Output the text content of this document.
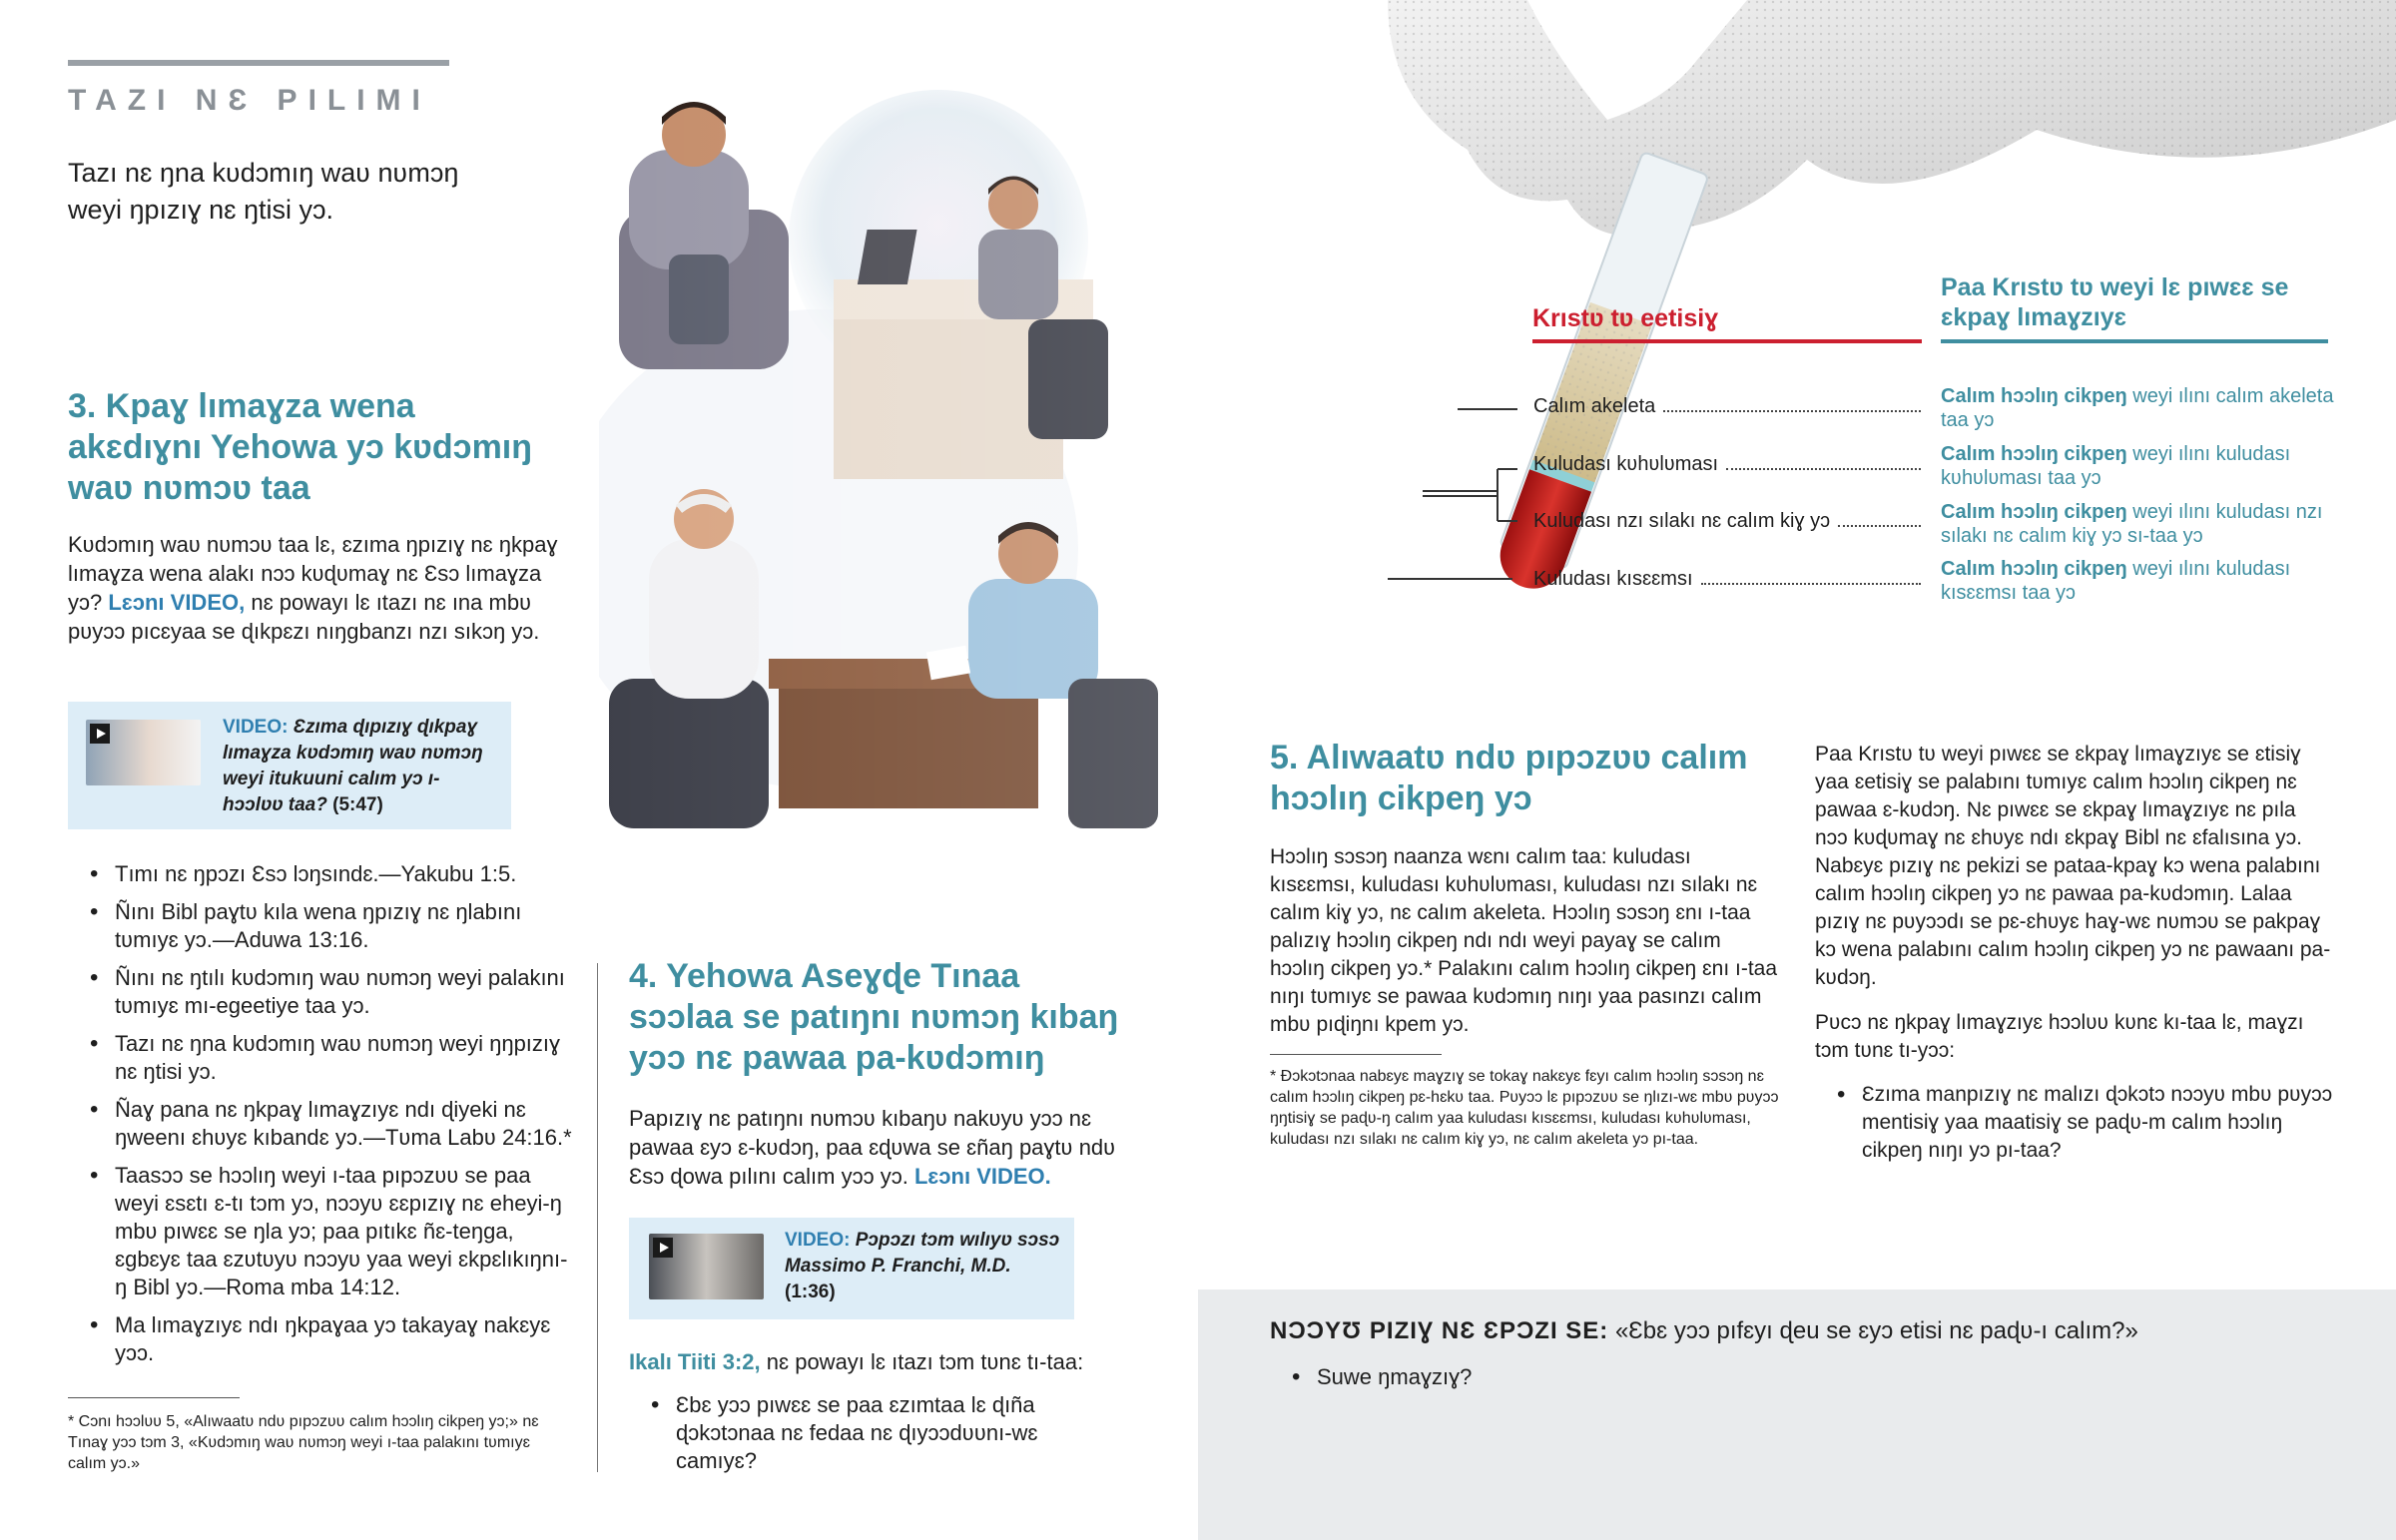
TAZI NƐ PILIMI
Tazı nɛ ŋna kʋdɔmıŋ waʋ nʋmɔŋ weyi ŋpızıɣ nɛ ŋtisi yɔ.
3. Kpaɣ lımaɣza wena akɛdıɣnı Yehowa yɔ kʋdɔmıŋ waʋ nʋmɔʋ taa
Kʋdɔmıŋ waʋ nʋmɔʋ taa lɛ, ɛzıma ŋpızıɣ nɛ ŋkpaɣ lımaɣza wena alakı nɔɔ kʋɖʋmaɣ nɛ Ɛsɔ lımaɣza yɔ? Lɛɔnı VIDEO, nɛ powayı lɛ ıtazı nɛ ına mbʋ pʋyɔɔ pıcɛyaa se ɖıkpɛzı nıŋgbanzı nzı sıkɔŋ yɔ.
VIDEO: Ɛzıma ɖıpızıɣ ɖıkpaɣ lımaɣza kʋdɔmıŋ waʋ nʋmɔŋ weyi itukuuni calım yɔ ı-hɔɔlʋʋ taa? (5:47)
• Tımı nɛ ŋpɔzı Ɛsɔ lɔŋsındɛ.—Yakubu 1:5.
• Ñını Bibl paɣtʋ kıla wena ŋpızıɣ nɛ ŋlabını tʋmıyɛ yɔ.—Aduwa 13:16.
• Ñını nɛ ŋtılı kʋdɔmıŋ waʋ nʋmɔŋ weyi palakını tʋmıyɛ mı-egeetiye taa yɔ.
• Tazı nɛ ŋna kʋdɔmıŋ waʋ nʋmɔŋ weyi ŋŋpızıɣ nɛ ŋtisi yɔ.
• Ñaɣ pana nɛ ŋkpaɣ lımaɣzıyɛ ndı ɖiyeki nɛ ŋweenı ɛhʋyɛ kıbandɛ yɔ.—Tʋma Labʋ 24:16.*
• Taasɔɔ se hɔɔlıŋ weyi ı-taa pıpɔzʋʋ se paa weyi ɛsɛtı ɛ-tı tɔm yɔ, nɔɔyʋ ɛɛpızıɣ nɛ eheyi-ŋ mbʋ pıwɛɛ se ŋla yɔ; paa pıtıkɛ ñɛ-teŋga, ɛgbɛyɛ taa ɛzʋtʋyʋ nɔɔyʋ yaa weyi ɛkpɛlıkıŋnı-ŋ Bibl yɔ.—Roma mba 14:12.
• Ma lımaɣzıyɛ ndı ŋkpaɣaa yɔ takayaɣ nakɛyɛ yɔɔ.
* Cɔnı hɔɔlʋʋ 5, «Alıwaatʋ ndʋ pıpɔzʋʋ calım hɔɔlıŋ cikpeŋ yɔ;» nɛ Tınaɣ yɔɔ tɔm 3, «Kʋdɔmıŋ waʋ nʋmɔŋ weyi ı-taa palakını tʋmıyɛ calım yɔ.»
4. Yehowa Aseɣɖe Tınaa sɔɔlaa se patıŋnı nʋmɔŋ kıbaŋ yɔɔ nɛ pawaa pa-kʋdɔmıŋ
Papızıɣ nɛ patıŋnı nʋmɔʋ kıbaŋʋ nakʋyʋ yɔɔ nɛ pawaa ɛyɔ ɛ-kʋdɔŋ, paa ɛɖʋwa se ɛñaŋ paɣtʋ ndʋ Ɛsɔ ɖowa pılını calım yɔɔ yɔ. Lɛɔnı VIDEO.
VIDEO: Pɔpɔzı tɔm wılıyʋ sɔsɔ Massimo P. Franchi, M.D. (1:36)
Ikalı Tiiti 3:2, nɛ powayı lɛ ıtazı tɔm tʋnɛ tı-taa:
• Ɛbɛ yɔɔ pıwɛɛ se paa ɛzımtaa lɛ ɖıña ɖɔkɔtɔnaa nɛ fedaa nɛ ɖıyɔɔdʋʋnı-wɛ camıyɛ?
Krıstʋ tʋ eetisiɣ
Paa Krıstʋ tʋ weyi lɛ pıwɛɛ se ɛkpaɣ lımaɣzıyɛ
Calım akeleta	Calım hɔɔlıŋ cikpeŋ weyi ılını calım akeleta taa yɔ
Kuludası kʋhʋlʋması	Calım hɔɔlıŋ cikpeŋ weyi ılını kuludası kʋhʋlʋması taa yɔ
Kuludası nzı sılakı nɛ calım kiɣ yɔ	Calım hɔɔlıŋ cikpeŋ weyi ılını kuludası nzı sılakı nɛ calım kiɣ yɔ sı-taa yɔ
Kuludası kısɛɛmsı	Calım hɔɔlıŋ cikpeŋ weyi ılını kuludası kısɛɛmsı taa yɔ
5. Alıwaatʋ ndʋ pıpɔzʋʋ calım hɔɔlıŋ cikpeŋ yɔ
Hɔɔlıŋ sɔsɔŋ naanza wɛnı calım taa: kuludası kısɛɛmsı, kuludası kʋhʋlʋması, kuludası nzı sılakı nɛ calım kiɣ yɔ, nɛ calım akeleta. Hɔɔlıŋ sɔsɔŋ ɛnı ı-taa palızıɣ hɔɔlıŋ cikpeŋ ndı ndı weyi payaɣ se calım hɔɔlıŋ cikpeŋ yɔ.* Palakını calım hɔɔlıŋ cikpeŋ ɛnı ı-taa nıŋı tʋmıyɛ se pawaa kʋdɔmıŋ nıŋı yaa pasınzı calım mbʋ pıɖiŋnı kpem yɔ.
* Ɖɔkɔtɔnaa nabɛyɛ maɣzıɣ se tokaɣ nakɛyɛ fɛyı calım hɔɔlıŋ sɔsɔŋ nɛ calım hɔɔlıŋ cikpeŋ pɛ-hɛkʋ taa. Pʋyɔɔ lɛ pıpɔzʋʋ se ŋlızı-wɛ mbʋ pʋyɔɔ ŋŋtisiɣ se paɖʋ-ŋ calım yaa kuludası kısɛɛmsı, kuludası kʋhʋlʋması, kuludası nzı sılakı nɛ calım kiɣ yɔ, nɛ calım akeleta yɔ pı-taa.
Paa Krıstʋ tʋ weyi pıwɛɛ se ɛkpaɣ lımaɣzıyɛ se ɛtisiɣ yaa ɛetisiɣ se palabını tʋmıyɛ calım hɔɔlıŋ cikpeŋ nɛ pawaa ɛ-kʋdɔŋ. Nɛ pıwɛɛ se ɛkpaɣ lımaɣzıyɛ nɛ pıla nɔɔ kʋɖʋmaɣ nɛ ɛhʋyɛ ndı ɛkpaɣ Bibl nɛ ɛfalısına yɔ. Nabɛyɛ pızıɣ nɛ pekizi se pataa-kpaɣ kɔ wena palabını calım hɔɔlıŋ cikpeŋ yɔ nɛ pawaa pa-kʋdɔmıŋ. Lalaa pızıɣ nɛ pʋyɔɔdı se pɛ-ɛhʋyɛ haɣ-wɛ nʋmɔʋ se pakpaɣ kɔ wena palabını calım hɔɔlıŋ cikpeŋ yɔ nɛ pawaanı pa-kʋdɔŋ.
Pʋcɔ nɛ ŋkpaɣ lımaɣzıyɛ hɔɔlʋʋ kʋnɛ kı-taa lɛ, maɣzı tɔm tʋnɛ tı-yɔɔ:
• Ɛzıma manpızıɣ nɛ malızı ɖɔkɔtɔ nɔɔyʋ mbʋ pʋyɔɔ mentisiɣ yaa maatisiɣ se paɖʋ-m calım hɔɔlıŋ cikpeŋ nıŋı yɔ pı-taa?
NƆƆYƱ PIZIƔ NƐ ƐPƆZI SE: «Ɛbɛ yɔɔ pıfɛyı ɖeu se ɛyɔ etisi nɛ paɖʋ-ı calım?»
• Suwe ŋmaɣzıɣ?
